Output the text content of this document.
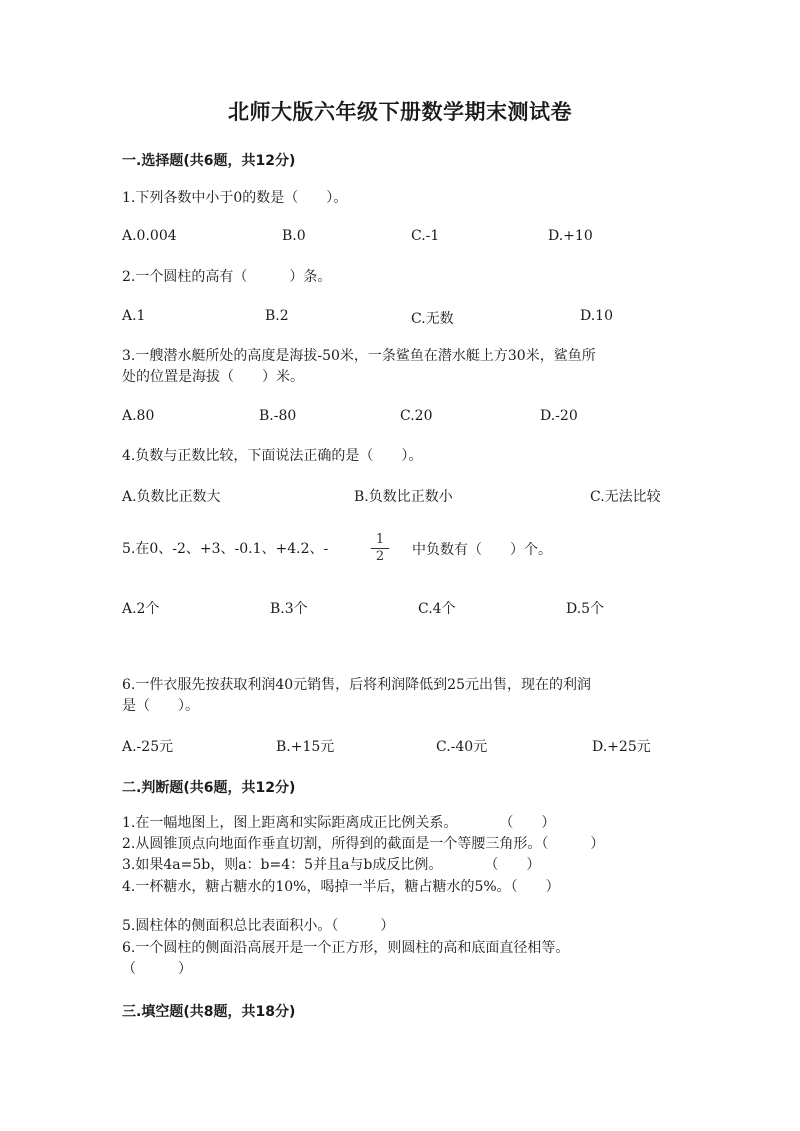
北师大版六年级下册数学期末测试卷
一.选择题(共6题，共12分)
1.下列各数中小于0的数是（　　）。
A.0.004	B.0	C.-1	D.+10
2.一个圆柱的高有（　　　）条。
A.1	B.2	C.无数	D.10
3.一艘潜水艇所处的高度是海拔-50米，一条鲨鱼在潜水艇上方30米，鲨鱼所
处的位置是海拔（　　）米。
A.80	B.-80	C.20	D.-20
4.负数与正数比较，下面说法正确的是（　　）。
A.负数比正数大	B.负数比正数小	C.无法比较
5.在0、-2、+3、-0.1、+4.2、-
1
2	中负数有（　　）个。
A.2个	B.3个	C.4个	D.5个
6.一件衣服先按获取利润40元销售，后将利润降低到25元出售，现在的利润
是（　　）。
A.-25元	B.+15元	C.-40元	D.+25元
二.判断题(共6题，共12分)
1.在一幅地图上，图上距离和实际距离成正比例关系。　　　　（　　）
2.从圆锥顶点向地面作垂直切割，所得到的截面是一个等腰三角形。（　　　）
3.如果4a=5b，则a：b=4：5并且a与b成反比例。　　　　（　　）
4.一杯糖水，糖占糖水的10%，喝掉一半后，糖占糖水的5%。（　　）
5.圆柱体的侧面积总比表面积小。（　　　）
6.一个圆柱的侧面沿高展开是一个正方形，则圆柱的高和底面直径相等。
（　　　）
三.填空题(共8题，共18分)
